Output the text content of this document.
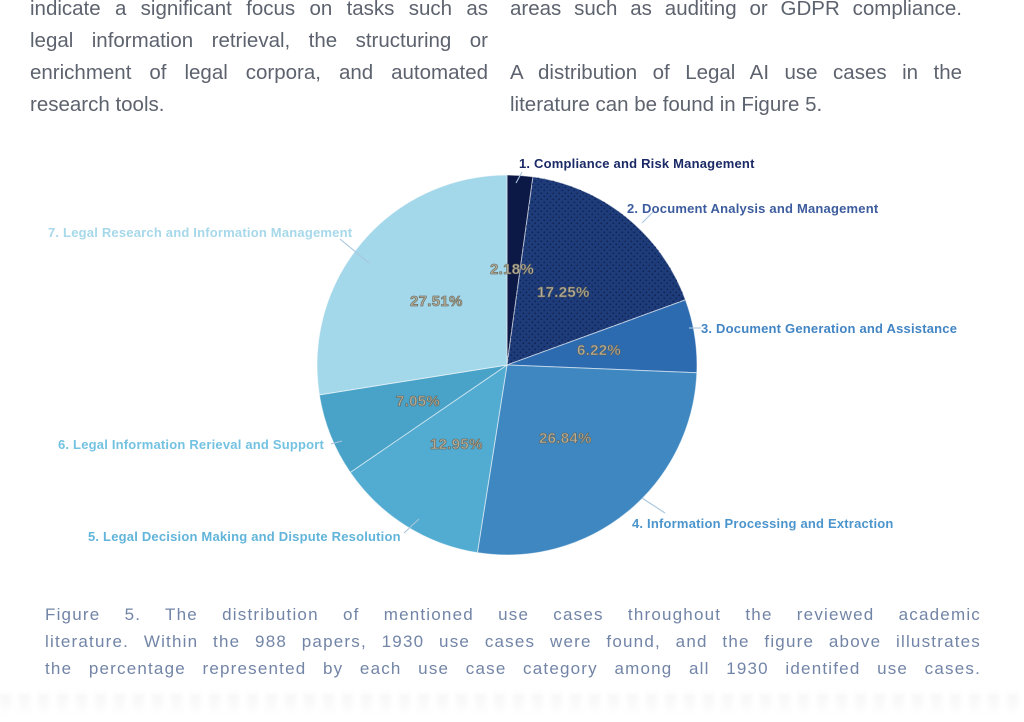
indicate a significant focus on tasks such as
legal information retrieval, the structuring or
enrichment of legal corpora, and automated
research tools.
areas such as auditing or GDPR compliance.
A distribution of Legal AI use cases in the
literature can be found in Figure 5.
1. Compliance and Risk Management
2. Document Analysis and Management
3. Document Generation and Assistance
4. Information Processing and Extraction
5. Legal Decision Making and Dispute Resolution
6. Legal Information Rerieval and Support
7. Legal Research and Information Management
2.18%
17.25%
6.22%
26.84%
12.95%
7.05%
27.51%
Figure 5. The distribution of mentioned use cases throughout the reviewed academic
literature. Within the 988 papers, 1930 use cases were found, and the figure above illustrates
the percentage represented by each use case category among all 1930 identifed use cases.
